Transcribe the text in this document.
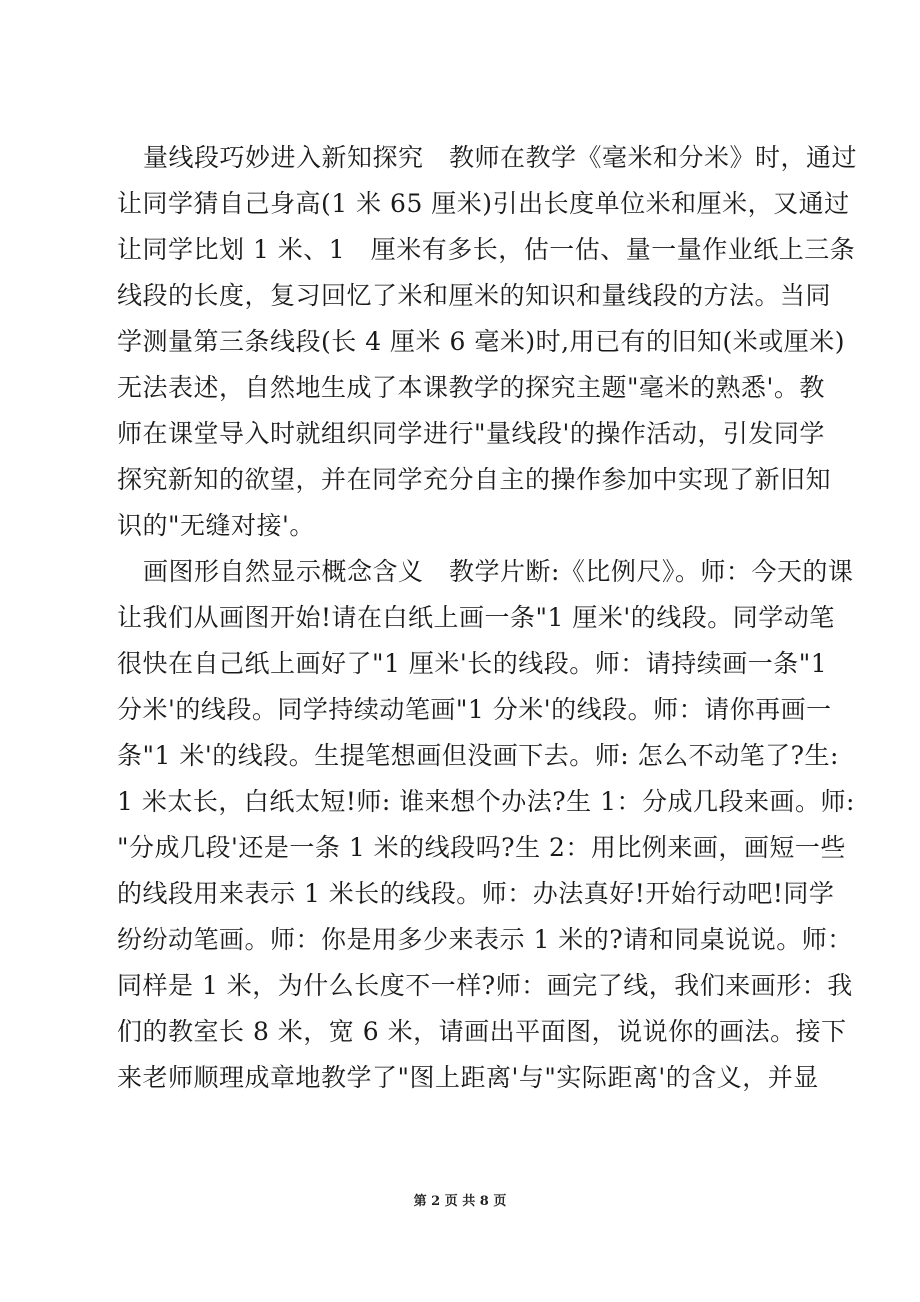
量线段巧妙进入新知探究　教师在教学《毫米和分米》时，通过
让同学猜自己身高(1 米 65 厘米)引出长度单位米和厘米，又通过
让同学比划 1 米、1　厘米有多长，估一估、量一量作业纸上三条
线段的长度，复习回忆了米和厘米的知识和量线段的方法。当同
学测量第三条线段(长 4 厘米 6 毫米)时,用已有的旧知(米或厘米)
无法表述，自然地生成了本课教学的探究主题"毫米的熟悉'。教
师在课堂导入时就组织同学进行"量线段'的操作活动，引发同学
探究新知的欲望，并在同学充分自主的操作参加中实现了新旧知
识的"无缝对接'。
画图形自然显示概念含义　教学片断:《比例尺》。师：今天的课
让我们从画图开始!请在白纸上画一条"1 厘米'的线段。同学动笔
很快在自己纸上画好了"1 厘米'长的线段。师：请持续画一条"1
分米'的线段。同学持续动笔画"1 分米'的线段。师：请你再画一
条"1 米'的线段。生提笔想画但没画下去。师: 怎么不动笔了?生:
1 米太长，白纸太短!师: 谁来想个办法?生 1：分成几段来画。师:
"分成几段'还是一条 1 米的线段吗?生 2：用比例来画，画短一些
的线段用来表示 1 米长的线段。师：办法真好!开始行动吧!同学
纷纷动笔画。师：你是用多少来表示 1 米的?请和同桌说说。师：
同样是 1 米，为什么长度不一样?师：画完了线，我们来画形：我
们的教室长 8 米，宽 6 米，请画出平面图，说说你的画法。接下
来老师顺理成章地教学了"图上距离'与"实际距离'的含义，并显
第 2 页 共 8 页
